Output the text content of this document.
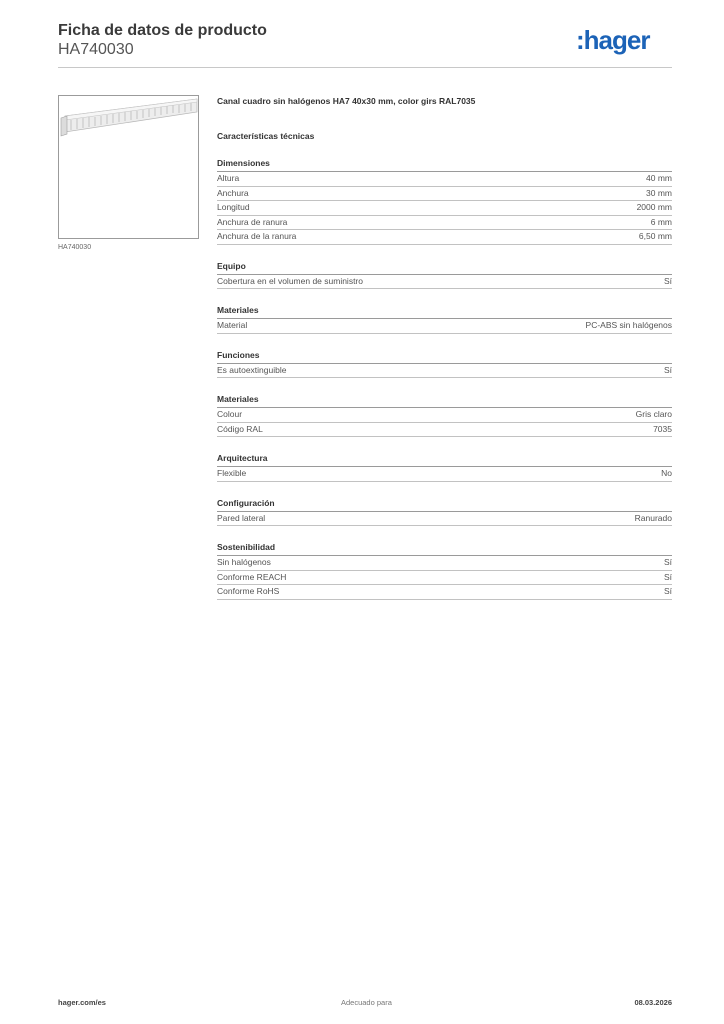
Ficha de datos de producto
HA740030	:hager
HA740030
Canal cuadro sin halógenos HA7 40x30 mm, color girs RAL7035
Características técnicas
Dimensiones
Altura	40 mm
Anchura	30 mm
Longitud	2000 mm
Anchura de ranura	6 mm
Anchura de la ranura	6,50 mm
Equipo
Cobertura en el volumen de suministro	Sí
Materiales
Material	PC-ABS sin halógenos
Funciones
Es autoextinguible	Sí
Materiales
Colour	Gris claro
Código RAL	7035
Arquitectura
Flexible	No
Configuración
Pared lateral	Ranurado
Sostenibilidad
Sin halógenos	Sí
Conforme REACH	Sí
Conforme RoHS	Sí
hager.com/es	Adecuado para	08.03.2026
